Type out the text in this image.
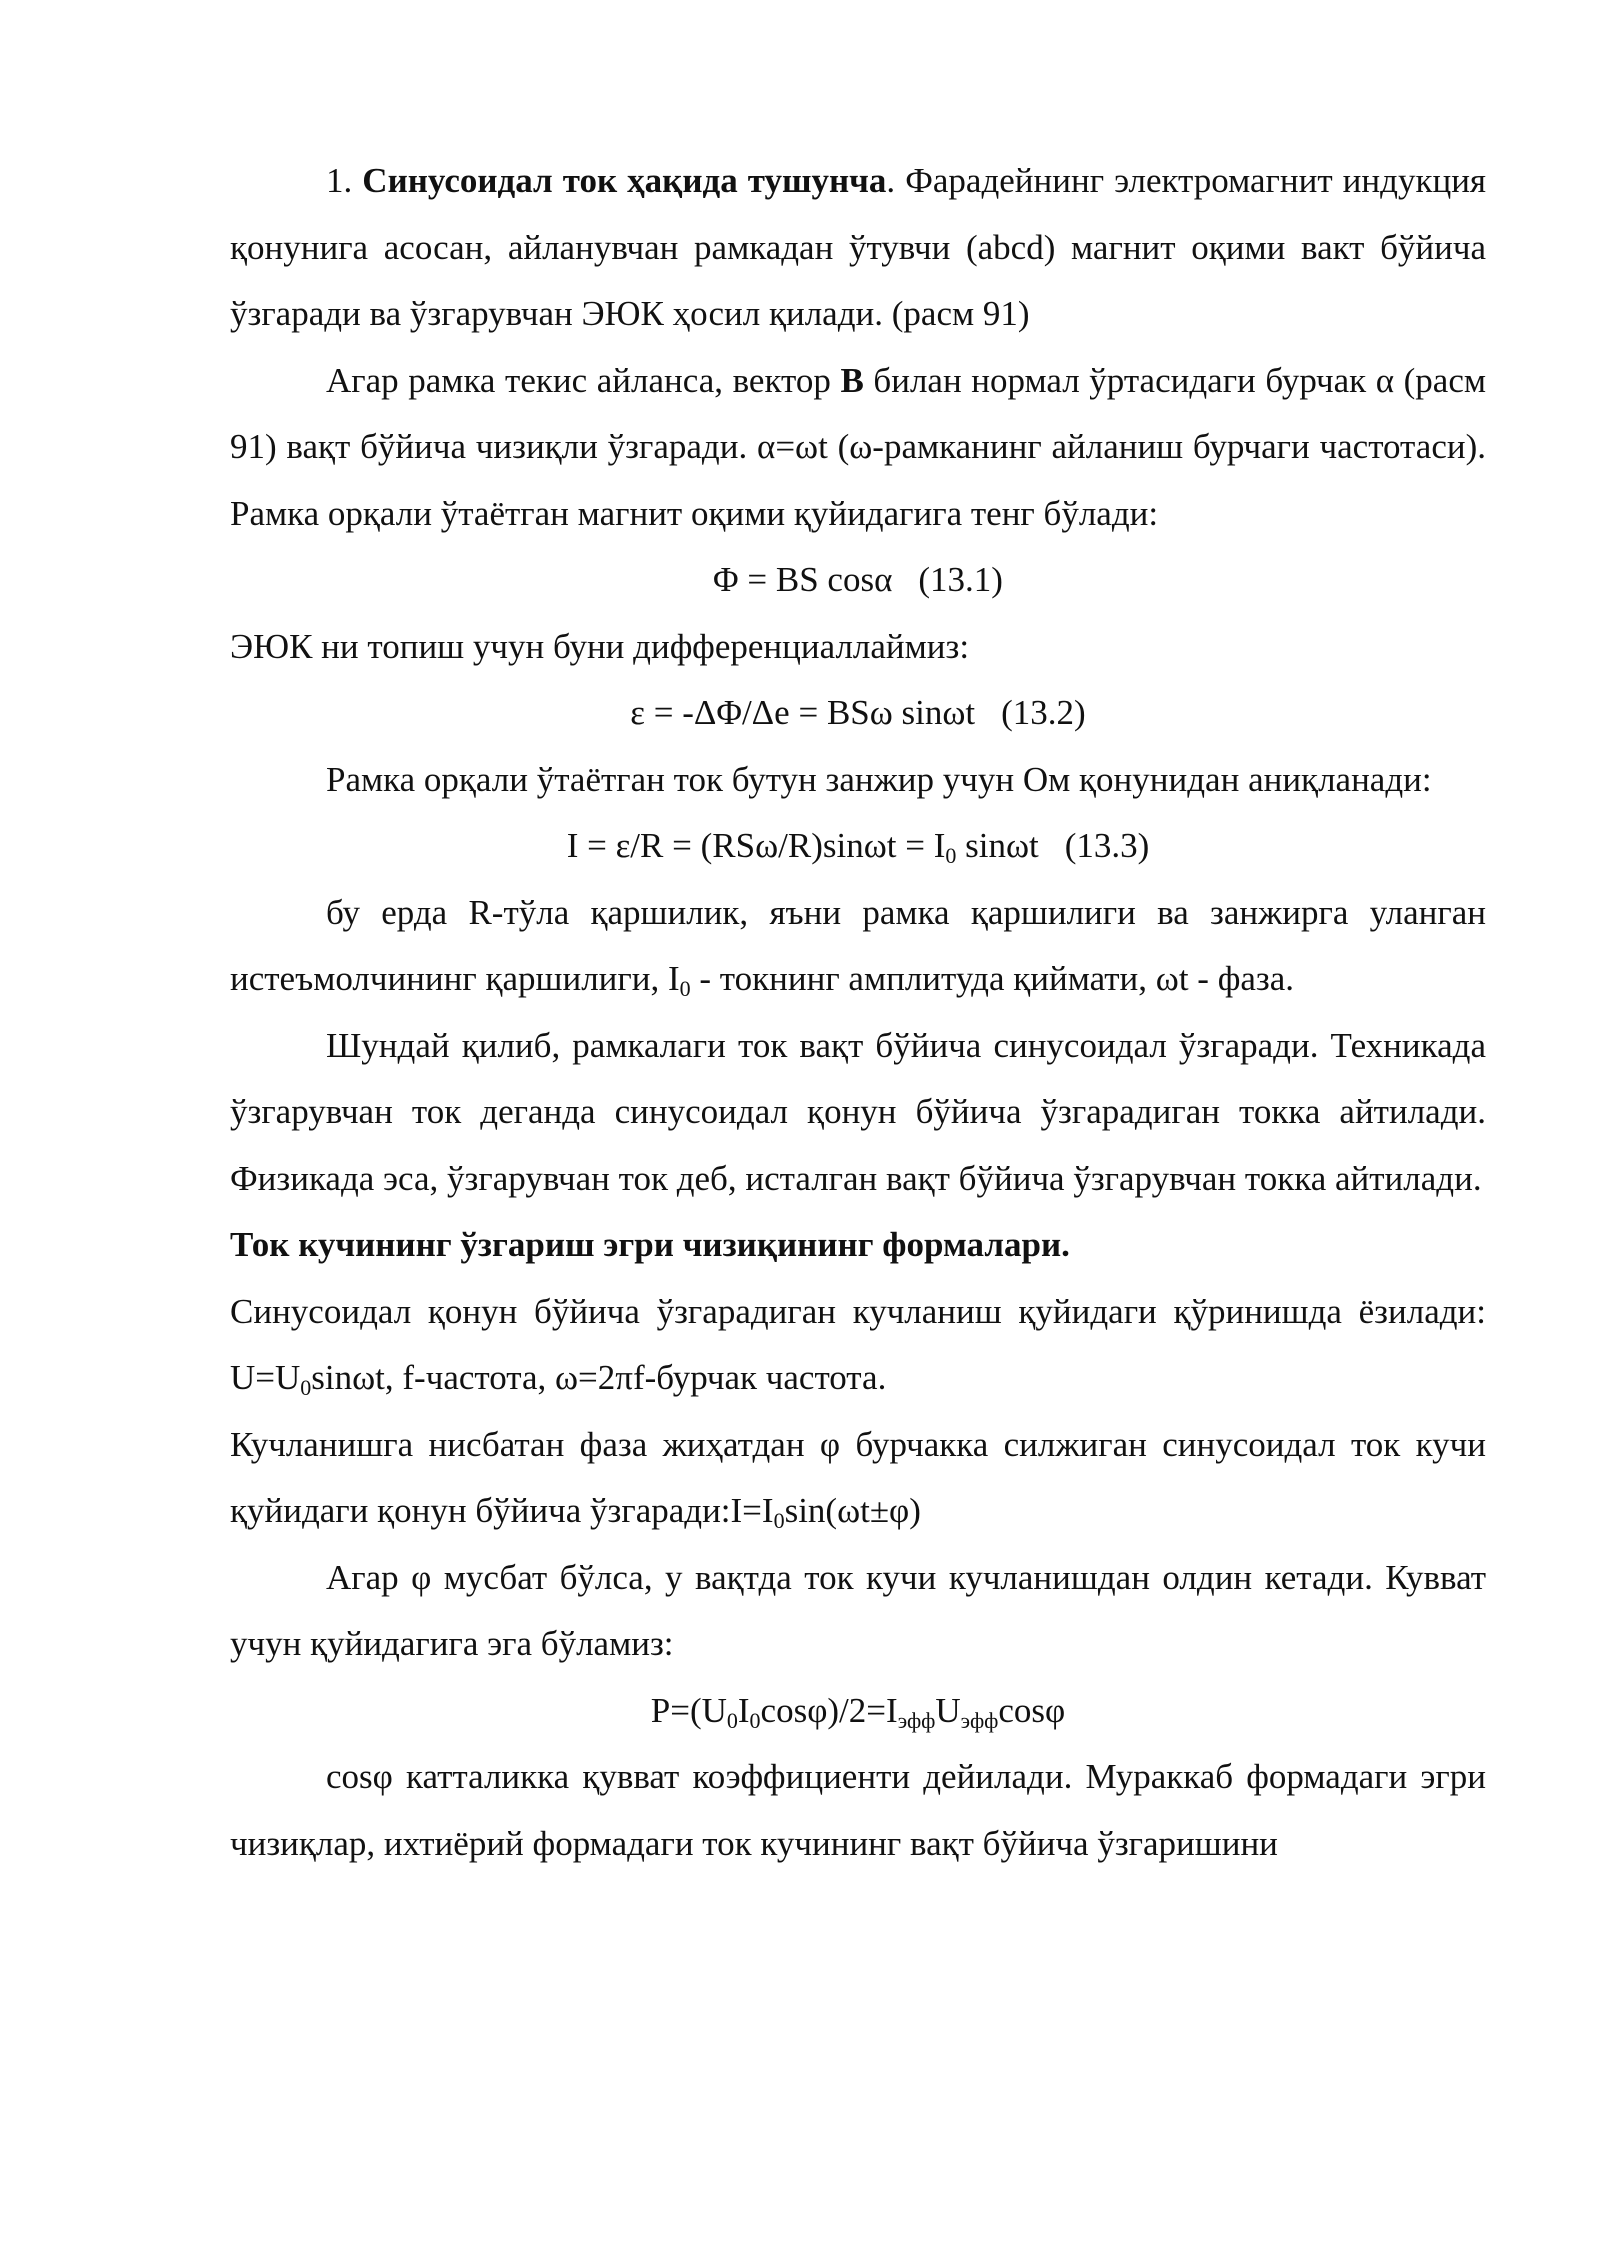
1. Синусоидал ток ҳақида тушунча. Фарадейнинг электромагнит индукция қонунига асосан, айланувчан рамкадан ўтувчи (abcd) магнит оқими вакт бўйича ўзгаради ва ўзгарувчан ЭЮК ҳосил қилади. (расм 91)

Агар рамка текис айланса, вектор B билан нормал ўртасидаги бурчак α (расм 91) вақт бўйича чизиқли ўзгаради. α=ωt (ω-рамканинг айланиш бурчаги частотаси). Рамка орқали ўтаётган магнит оқими қуйидагига тенг бўлади:

Φ = BS cosα (13.1)

ЭЮК ни топиш учун буни дифференциаллаймиз:

ε = -ΔΦ/Δe = BSω sinωt (13.2)

Рамка орқали ўтаётган ток бутун занжир учун Ом қонунидан аниқланади:

$I = \varepsilon/R = (RS\omega/R)\sin\omega t = I_0$ sinωt (13.3)

бу ерда R-тўла қаршилик, яъни рамка қаршилиги ва занжирга уланган истеъмолчининг қаршилиги, $I_0$ - токнинг амплитуда қиймати, ωt - фаза.

Шундай қилиб, рамкалаги ток вақт бўйича синусоидал ўзгаради. Техникада ўзгарувчан ток деганда синусоидал қонун бўйича ўзгарадиган токка айтилади. Физикада эса, ўзгарувчан ток деб, исталган вақт бўйича ўзгарувчан токка айтилади.

Ток кучининг ўзгариш эгри чизиқининг формалари.

Синусоидал қонун бўйича ўзгарадиган кучланиш қуйидаги қўринишда ёзилади: $U=U_0\sin\omega t$, f-частота, ω=2πf-бурчак частота.

Кучланишга нисбатан фаза жиҳатдан φ бурчакка силжиган синусоидал ток кучи қуйидаги қонун бўйича $ўзгаради:I=I_0\sin(\omega t\pm\varphi)$

Агар φ мусбат бўлса, у вақтда ток кучи кучланишдан олдин кетади. Кувват учун қуйидагига эга бўламиз:

$P=(U_0I_0\cos\varphi)/2=I_{эфф}U_{эфф}\cos\varphi$

cosφ катталикка қувват коэффициенти дейилади. Мураккаб формадаги эгри чизиқлар, ихтиёрий формадаги ток кучининг вақт бўйича ўзгаришини
